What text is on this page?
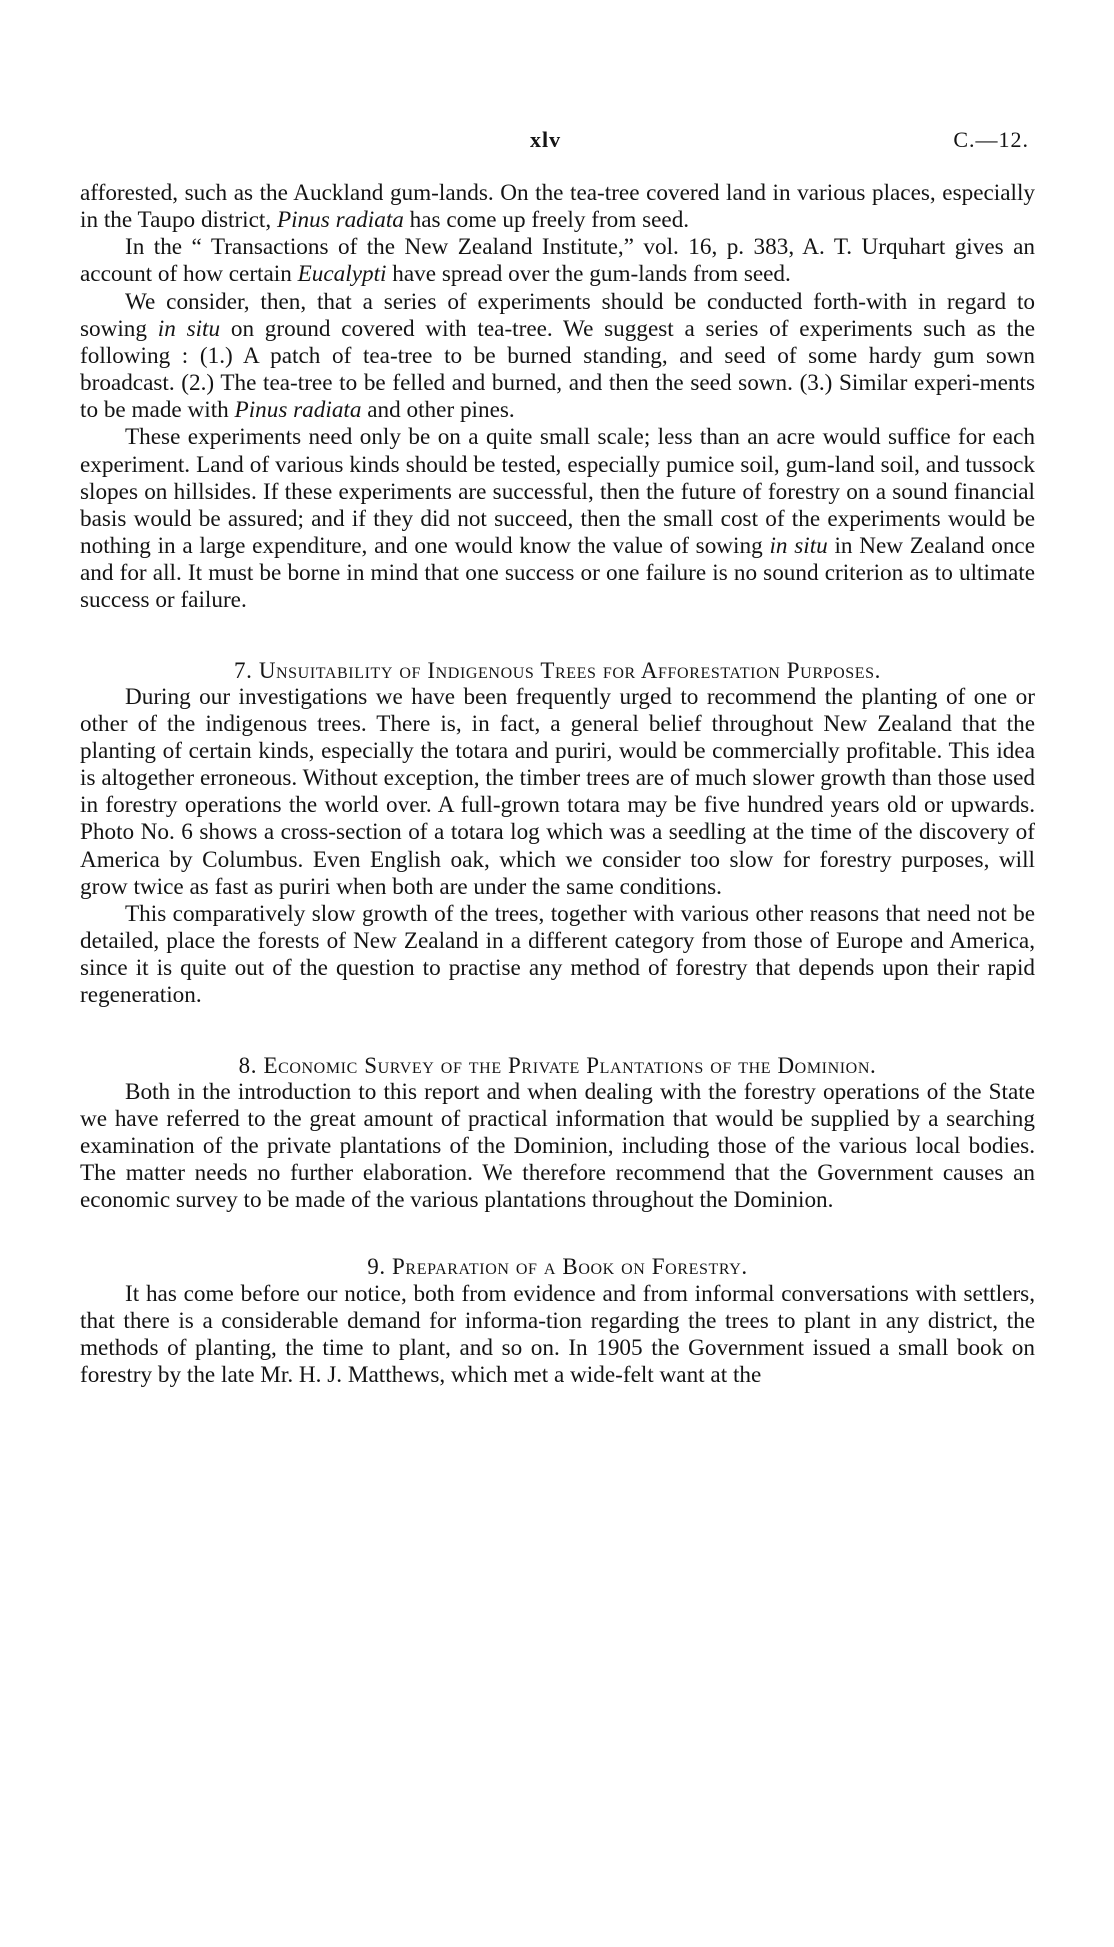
xlv	C.—12.

afforested, such as the Auckland gum-lands. On the tea-tree covered land in various places, especially in the Taupo district, Pinus radiata has come up freely from seed.

In the “ Transactions of the New Zealand Institute,” vol. 16, p. 383, A. T. Urquhart gives an account of how certain Eucalypti have spread over the gum-lands from seed.

We consider, then, that a series of experiments should be conducted forth-with in regard to sowing in situ on ground covered with tea-tree. We suggest a series of experiments such as the following : (1.) A patch of tea-tree to be burned standing, and seed of some hardy gum sown broadcast. (2.) The tea-tree to be felled and burned, and then the seed sown. (3.) Similar experi-ments to be made with Pinus radiata and other pines.

These experiments need only be on a quite small scale; less than an acre would suffice for each experiment. Land of various kinds should be tested, especially pumice soil, gum-land soil, and tussock slopes on hillsides. If these experiments are successful, then the future of forestry on a sound financial basis would be assured; and if they did not succeed, then the small cost of the experiments would be nothing in a large expenditure, and one would know the value of sowing in situ in New Zealand once and for all. It must be borne in mind that one success or one failure is no sound criterion as to ultimate success or failure.

7. Unsuitability of Indigenous Trees for Afforestation Purposes.

During our investigations we have been frequently urged to recommend the planting of one or other of the indigenous trees. There is, in fact, a general belief throughout New Zealand that the planting of certain kinds, especially the totara and puriri, would be commercially profitable. This idea is altogether erroneous. Without exception, the timber trees are of much slower growth than those used in forestry operations the world over. A full-grown totara may be five hundred years old or upwards. Photo No. 6 shows a cross-section of a totara log which was a seedling at the time of the discovery of America by Columbus. Even English oak, which we consider too slow for forestry purposes, will grow twice as fast as puriri when both are under the same conditions.

This comparatively slow growth of the trees, together with various other reasons that need not be detailed, place the forests of New Zealand in a different category from those of Europe and America, since it is quite out of the question to practise any method of forestry that depends upon their rapid regeneration.

8. Economic Survey of the Private Plantations of the Dominion.

Both in the introduction to this report and when dealing with the forestry operations of the State we have referred to the great amount of practical information that would be supplied by a searching examination of the private plantations of the Dominion, including those of the various local bodies. The matter needs no further elaboration. We therefore recommend that the Government causes an economic survey to be made of the various plantations throughout the Dominion.

9. Preparation of a Book on Forestry.

It has come before our notice, both from evidence and from informal conversations with settlers, that there is a considerable demand for informa-tion regarding the trees to plant in any district, the methods of planting, the time to plant, and so on. In 1905 the Government issued a small book on forestry by the late Mr. H. J. Matthews, which met a wide-felt want at the
